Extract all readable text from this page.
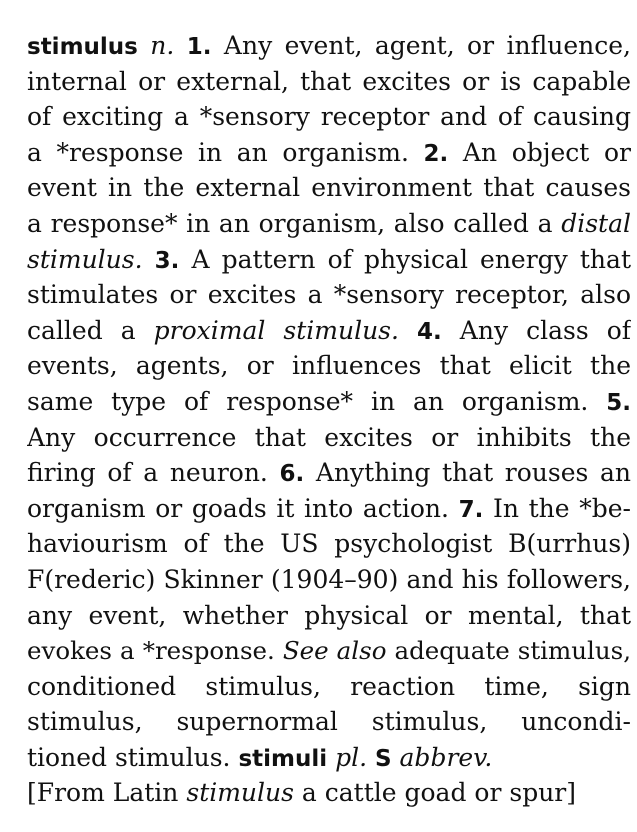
stimulus n. 1. Any event, agent, or influence,
internal or external, that excites or is capable
of exciting a *sensory receptor and of causing
a *response in an organism. 2. An object or
event in the external environment that causes
a response* in an organism, also called a distal
stimulus. 3. A pattern of physical energy that
stimulates or excites a *sensory receptor, also
called a proximal stimulus. 4. Any class of
events, agents, or influences that elicit the
same type of response* in an organism. 5.
Any occurrence that excites or inhibits the
firing of a neuron. 6. Anything that rouses an
organism or goads it into action. 7. In the *be-
haviourism of the US psychologist B(urrhus)
F(rederic) Skinner (1904–90) and his followers,
any event, whether physical or mental, that
evokes a *response. See also adequate stimulus,
conditioned stimulus, reaction time, sign
stimulus, supernormal stimulus, uncondi-
tioned stimulus. stimuli pl. S abbrev.
[From Latin stimulus a cattle goad or spur]
